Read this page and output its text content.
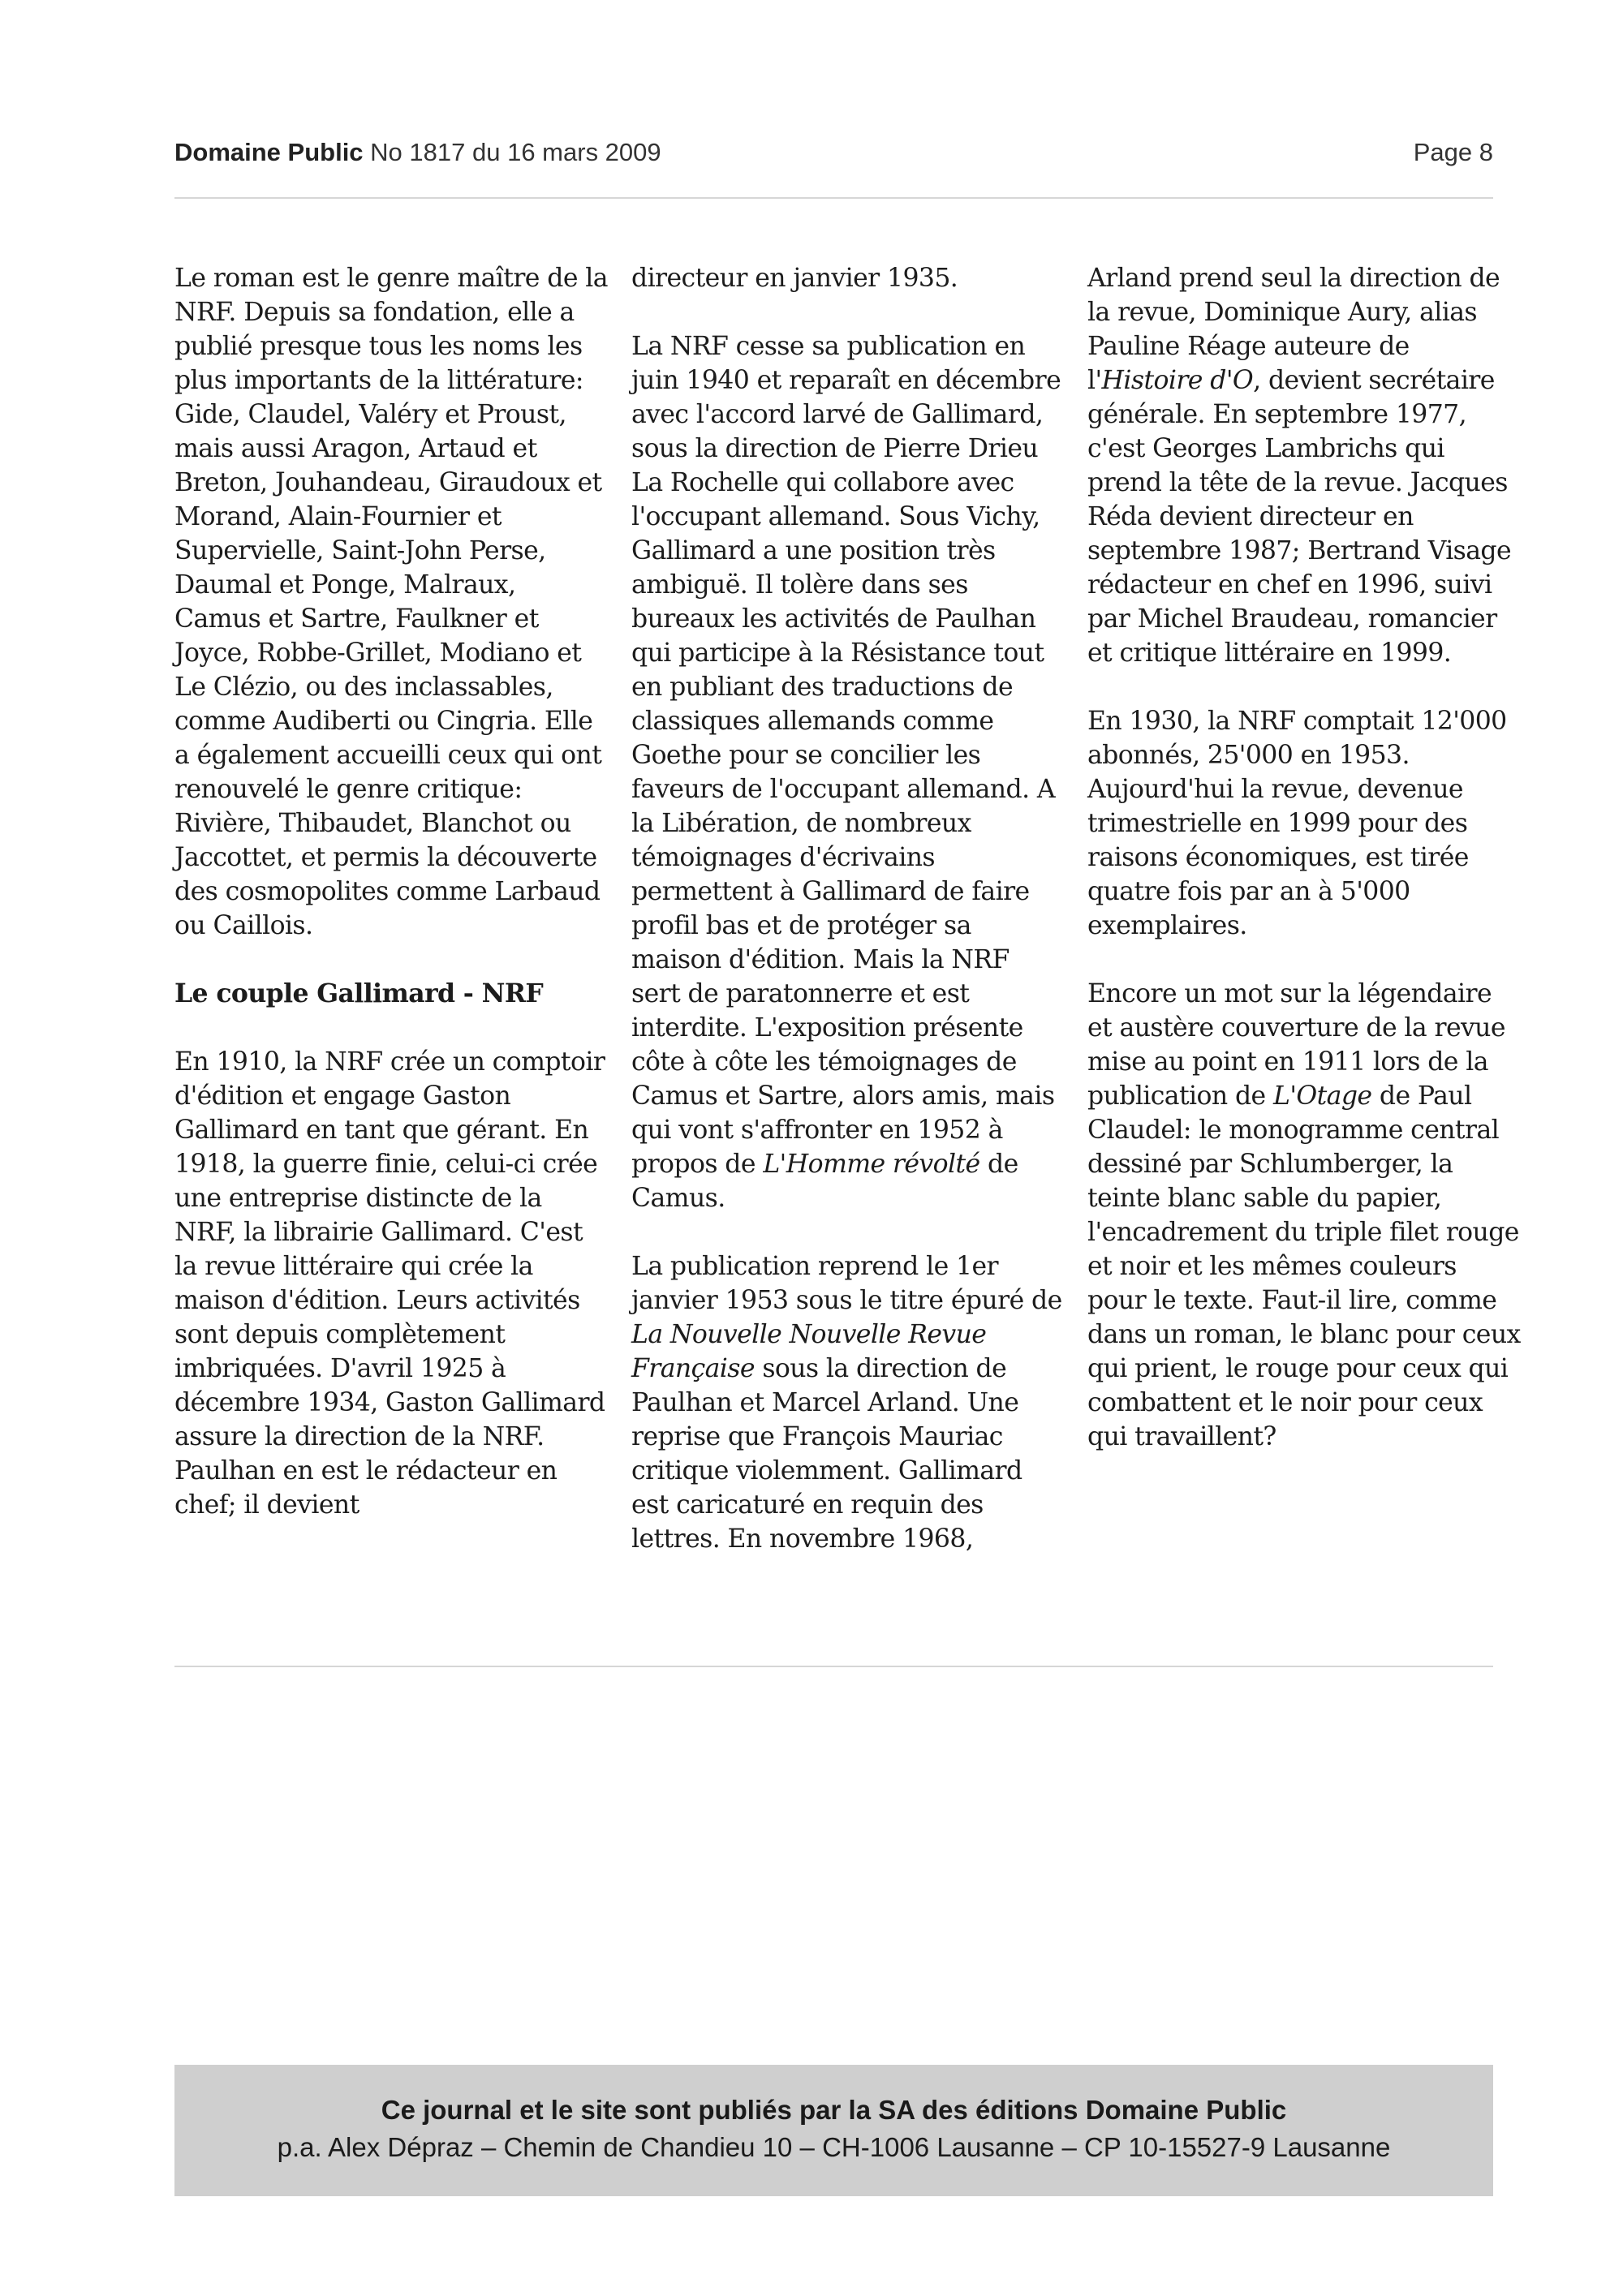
Domaine Public No 1817 du 16 mars 2009	Page 8

Le roman est le genre maître de la NRF. Depuis sa fondation, elle a publié presque tous les noms les plus importants de la littérature: Gide, Claudel, Valéry et Proust, mais aussi Aragon, Artaud et Breton, Jouhandeau, Giraudoux et Morand, Alain-Fournier et Supervielle, Saint-John Perse, Daumal et Ponge, Malraux, Camus et Sartre, Faulkner et Joyce, Robbe-Grillet, Modiano et Le Clézio, ou des inclassables, comme Audiberti ou Cingria. Elle a également accueilli ceux qui ont renouvelé le genre critique: Rivière, Thibaudet, Blanchot ou Jaccottet, et permis la découverte des cosmopolites comme Larbaud ou Caillois.

Le couple Gallimard - NRF

En 1910, la NRF crée un comptoir d'édition et engage Gaston Gallimard en tant que gérant. En 1918, la guerre finie, celui-ci crée une entreprise distincte de la NRF, la librairie Gallimard. C'est la revue littéraire qui crée la maison d'édition. Leurs activités sont depuis complètement imbriquées. D'avril 1925 à décembre 1934, Gaston Gallimard assure la direction de la NRF. Paulhan en est le rédacteur en chef; il devient

directeur en janvier 1935.

La NRF cesse sa publication en juin 1940 et reparaît en décembre avec l'accord larvé de Gallimard, sous la direction de Pierre Drieu La Rochelle qui collabore avec l'occupant allemand. Sous Vichy, Gallimard a une position très ambiguë. Il tolère dans ses bureaux les activités de Paulhan qui participe à la Résistance tout en publiant des traductions de classiques allemands comme Goethe pour se concilier les faveurs de l'occupant allemand. A la Libération, de nombreux témoignages d'écrivains permettent à Gallimard de faire profil bas et de protéger sa maison d'édition. Mais la NRF sert de paratonnerre et est interdite. L'exposition présente côte à côte les témoignages de Camus et Sartre, alors amis, mais qui vont s'affronter en 1952 à propos de L'Homme révolté de Camus.

La publication reprend le 1er janvier 1953 sous le titre épuré de La Nouvelle Nouvelle Revue Française sous la direction de Paulhan et Marcel Arland. Une reprise que François Mauriac critique violemment. Gallimard est caricaturé en requin des lettres. En novembre 1968,

Arland prend seul la direction de la revue, Dominique Aury, alias Pauline Réage auteure de l'Histoire d'O, devient secrétaire générale. En septembre 1977, c'est Georges Lambrichs qui prend la tête de la revue. Jacques Réda devient directeur en septembre 1987; Bertrand Visage rédacteur en chef en 1996, suivi par Michel Braudeau, romancier et critique littéraire en 1999.

En 1930, la NRF comptait 12'000 abonnés, 25'000 en 1953. Aujourd'hui la revue, devenue trimestrielle en 1999 pour des raisons économiques, est tirée quatre fois par an à 5'000 exemplaires.

Encore un mot sur la légendaire et austère couverture de la revue mise au point en 1911 lors de la publication de L'Otage de Paul Claudel: le monogramme central dessiné par Schlumberger, la teinte blanc sable du papier, l'encadrement du triple filet rouge et noir et les mêmes couleurs pour le texte. Faut-il lire, comme dans un roman, le blanc pour ceux qui prient, le rouge pour ceux qui combattent et le noir pour ceux qui travaillent?

Ce journal et le site sont publiés par la SA des éditions Domaine Public
p.a. Alex Dépraz – Chemin de Chandieu 10 – CH-1006 Lausanne – CP 10-15527-9 Lausanne
